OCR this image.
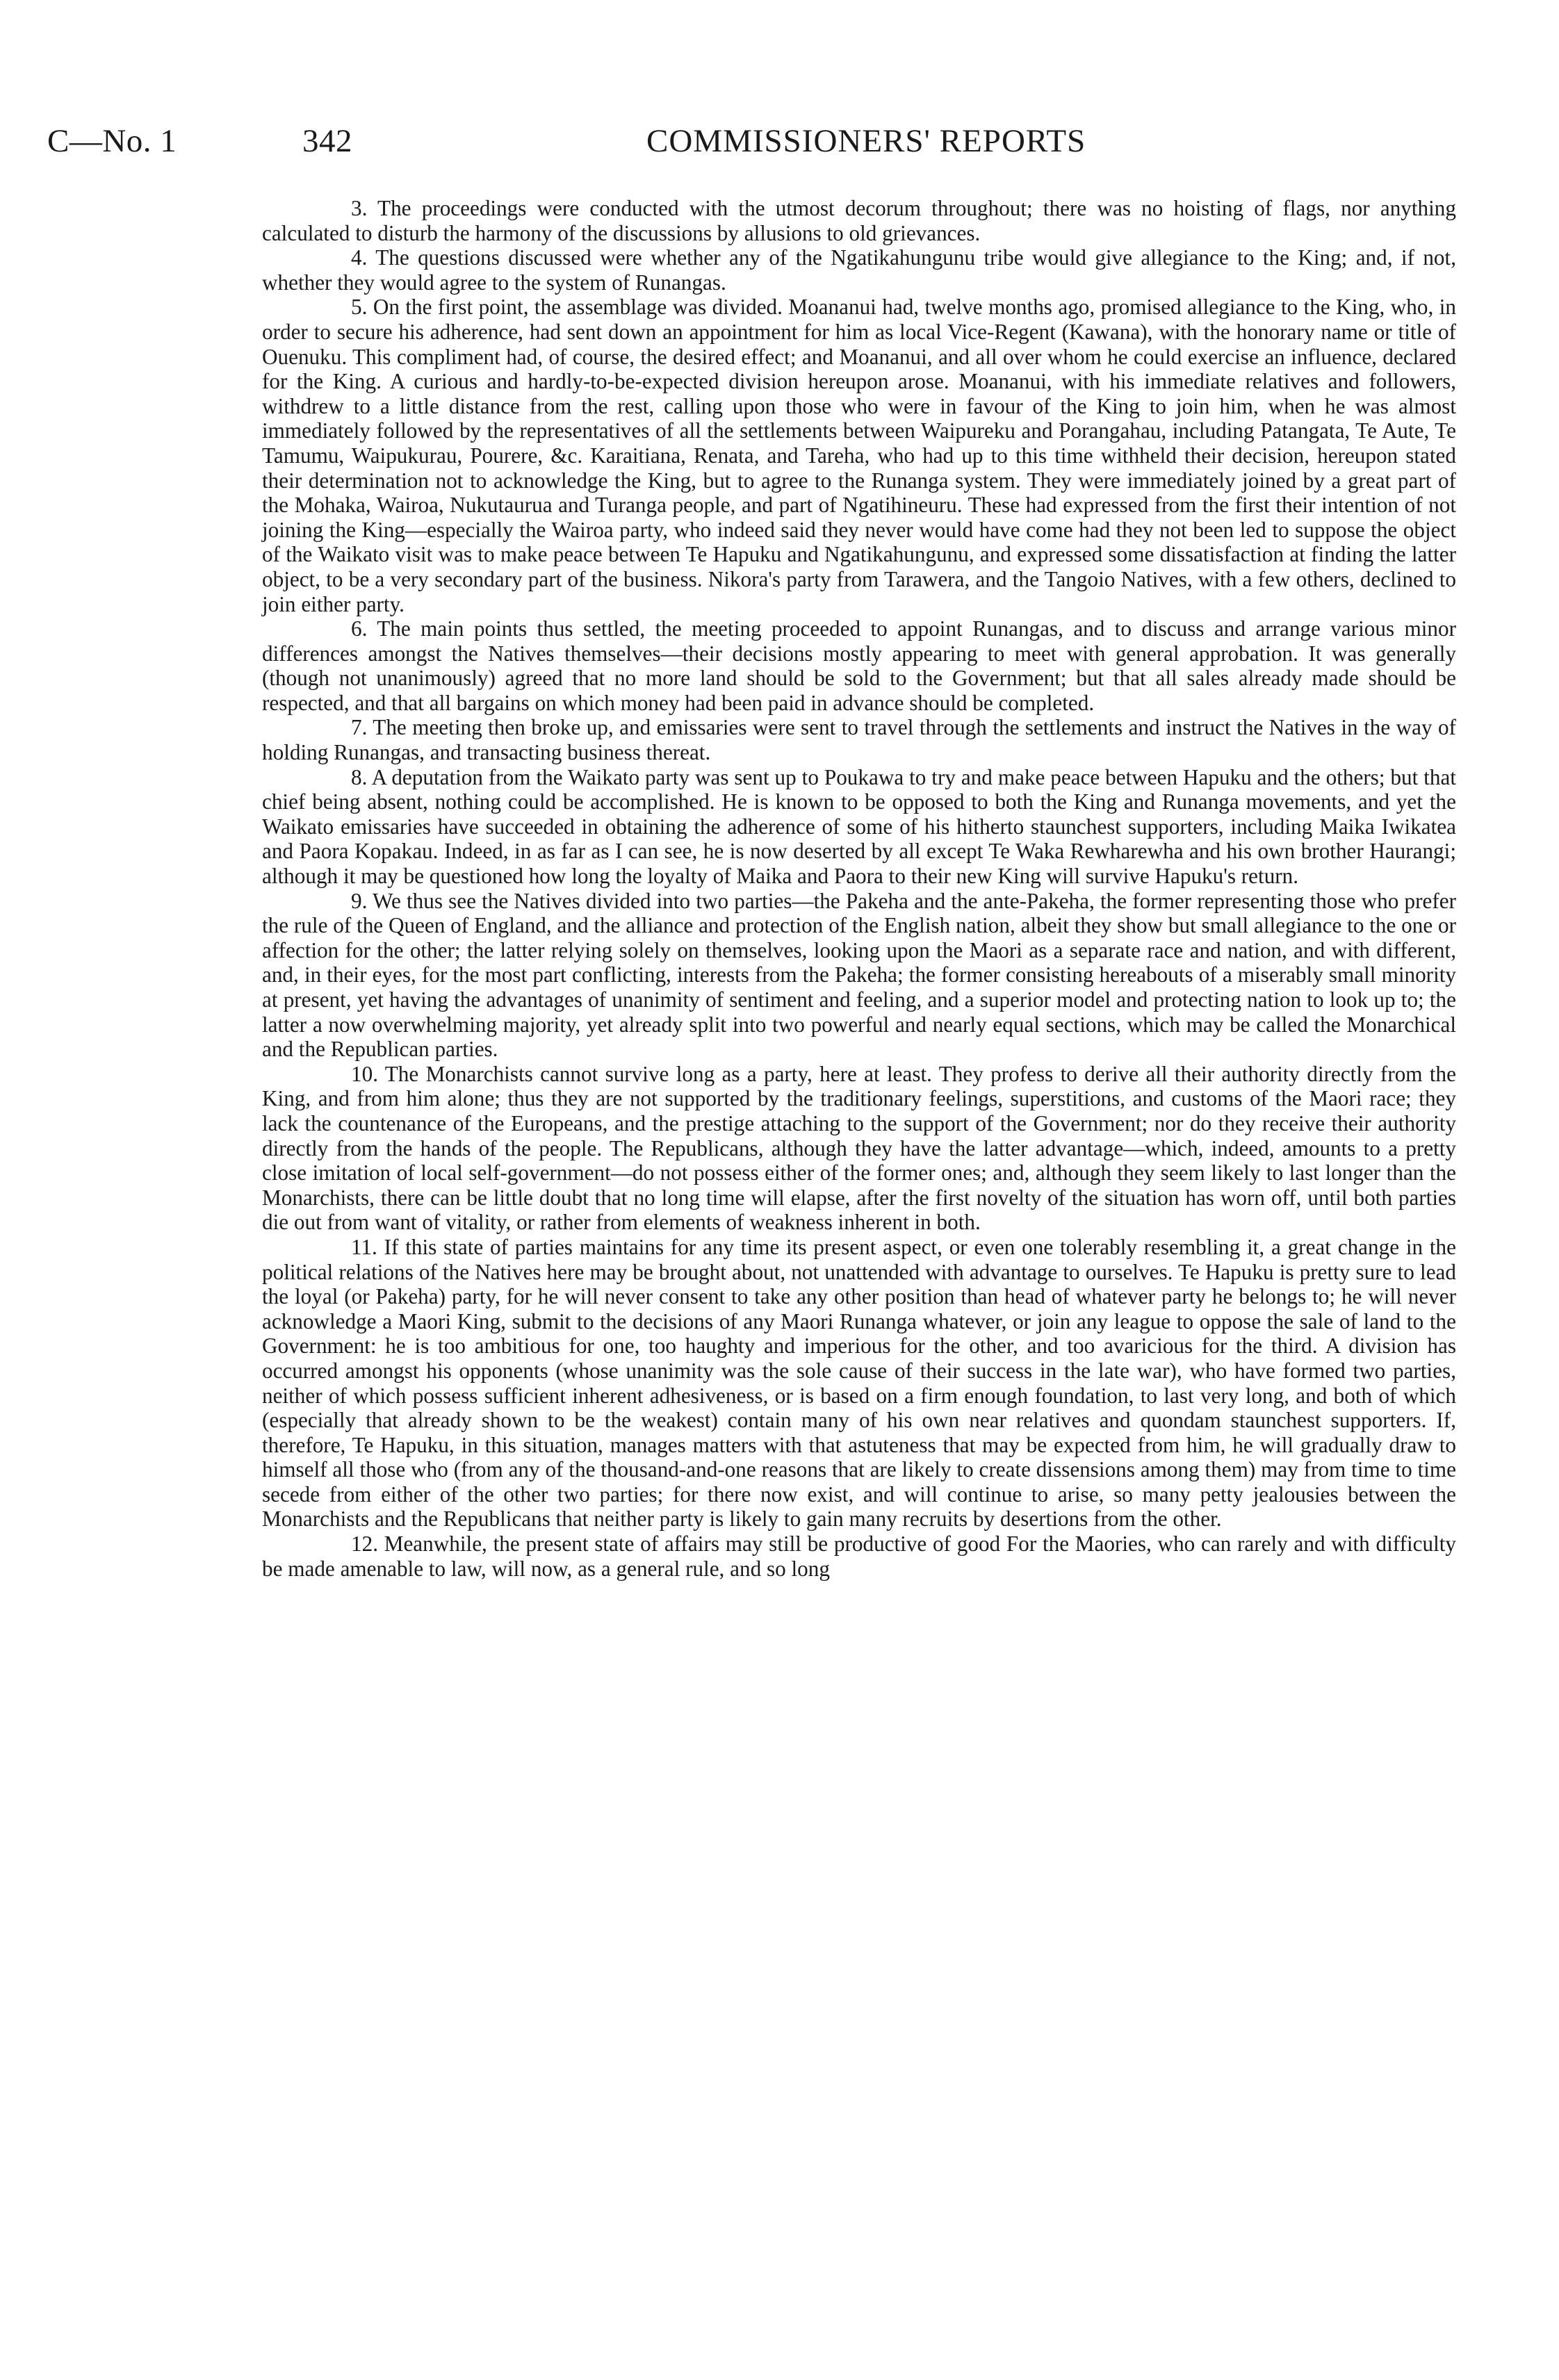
C—No. 1	342	COMMISSIONERS' REPORTS

3. The proceedings were conducted with the utmost decorum throughout; there was no hoisting of flags, nor anything calculated to disturb the harmony of the discussions by allusions to old grievances.

4. The questions discussed were whether any of the Ngatikahungunu tribe would give allegiance to the King; and, if not, whether they would agree to the system of Runangas.

5. On the first point, the assemblage was divided. Moananui had, twelve months ago, promised allegiance to the King, who, in order to secure his adherence, had sent down an appointment for him as local Vice-Regent (Kawana), with the honorary name or title of Ouenuku. This compliment had, of course, the desired effect; and Moananui, and all over whom he could exercise an influence, declared for the King. A curious and hardly-to-be-expected division hereupon arose. Moananui, with his immediate relatives and followers, withdrew to a little distance from the rest, calling upon those who were in favour of the King to join him, when he was almost immediately followed by the representatives of all the settlements between Waipureku and Porangahau, including Patangata, Te Aute, Te Tamumu, Waipukurau, Pourere, &c. Karaitiana, Renata, and Tareha, who had up to this time withheld their decision, hereupon stated their determination not to acknowledge the King, but to agree to the Runanga system. They were immediately joined by a great part of the Mohaka, Wairoa, Nukutaurua and Turanga people, and part of Ngatihineuru. These had expressed from the first their intention of not joining the King—especially the Wairoa party, who indeed said they never would have come had they not been led to suppose the object of the Waikato visit was to make peace between Te Hapuku and Ngatikahungunu, and expressed some dissatisfaction at finding the latter object, to be a very secondary part of the business. Nikora's party from Tarawera, and the Tangoio Natives, with a few others, declined to join either party.

6. The main points thus settled, the meeting proceeded to appoint Runangas, and to discuss and arrange various minor differences amongst the Natives themselves—their decisions mostly appearing to meet with general approbation. It was generally (though not unanimously) agreed that no more land should be sold to the Government; but that all sales already made should be respected, and that all bargains on which money had been paid in advance should be completed.

7. The meeting then broke up, and emissaries were sent to travel through the settlements and instruct the Natives in the way of holding Runangas, and transacting business thereat.

8. A deputation from the Waikato party was sent up to Poukawa to try and make peace between Hapuku and the others; but that chief being absent, nothing could be accomplished. He is known to be opposed to both the King and Runanga movements, and yet the Waikato emissaries have succeeded in obtaining the adherence of some of his hitherto staunchest supporters, including Maika Iwikatea and Paora Kopakau. Indeed, in as far as I can see, he is now deserted by all except Te Waka Rewharewha and his own brother Haurangi; although it may be questioned how long the loyalty of Maika and Paora to their new King will survive Hapuku's return.

9. We thus see the Natives divided into two parties—the Pakeha and the ante-Pakeha, the former representing those who prefer the rule of the Queen of England, and the alliance and protection of the English nation, albeit they show but small allegiance to the one or affection for the other; the latter relying solely on themselves, looking upon the Maori as a separate race and nation, and with different, and, in their eyes, for the most part conflicting, interests from the Pakeha; the former consisting hereabouts of a miserably small minority at present, yet having the advantages of unanimity of sentiment and feeling, and a superior model and protecting nation to look up to; the latter a now overwhelming majority, yet already split into two powerful and nearly equal sections, which may be called the Monarchical and the Republican parties.

10. The Monarchists cannot survive long as a party, here at least. They profess to derive all their authority directly from the King, and from him alone; thus they are not supported by the traditionary feelings, superstitions, and customs of the Maori race; they lack the countenance of the Europeans, and the prestige attaching to the support of the Government; nor do they receive their authority directly from the hands of the people. The Republicans, although they have the latter advantage—which, indeed, amounts to a pretty close imitation of local self-government—do not possess either of the former ones; and, although they seem likely to last longer than the Monarchists, there can be little doubt that no long time will elapse, after the first novelty of the situation has worn off, until both parties die out from want of vitality, or rather from elements of weakness inherent in both.

11. If this state of parties maintains for any time its present aspect, or even one tolerably resembling it, a great change in the political relations of the Natives here may be brought about, not unattended with advantage to ourselves. Te Hapuku is pretty sure to lead the loyal (or Pakeha) party, for he will never consent to take any other position than head of whatever party he belongs to; he will never acknowledge a Maori King, submit to the decisions of any Maori Runanga whatever, or join any league to oppose the sale of land to the Government: he is too ambitious for one, too haughty and imperious for the other, and too avaricious for the third. A division has occurred amongst his opponents (whose unanimity was the sole cause of their success in the late war), who have formed two parties, neither of which possess sufficient inherent adhesiveness, or is based on a firm enough foundation, to last very long, and both of which (especially that already shown to be the weakest) contain many of his own near relatives and quondam staunchest supporters. If, therefore, Te Hapuku, in this situation, manages matters with that astuteness that may be expected from him, he will gradually draw to himself all those who (from any of the thousand-and-one reasons that are likely to create dissensions among them) may from time to time secede from either of the other two parties; for there now exist, and will continue to arise, so many petty jealousies between the Monarchists and the Republicans that neither party is likely to gain many recruits by desertions from the other.

12. Meanwhile, the present state of affairs may still be productive of good For the Maories, who can rarely and with difficulty be made amenable to law, will now, as a general rule, and so long
